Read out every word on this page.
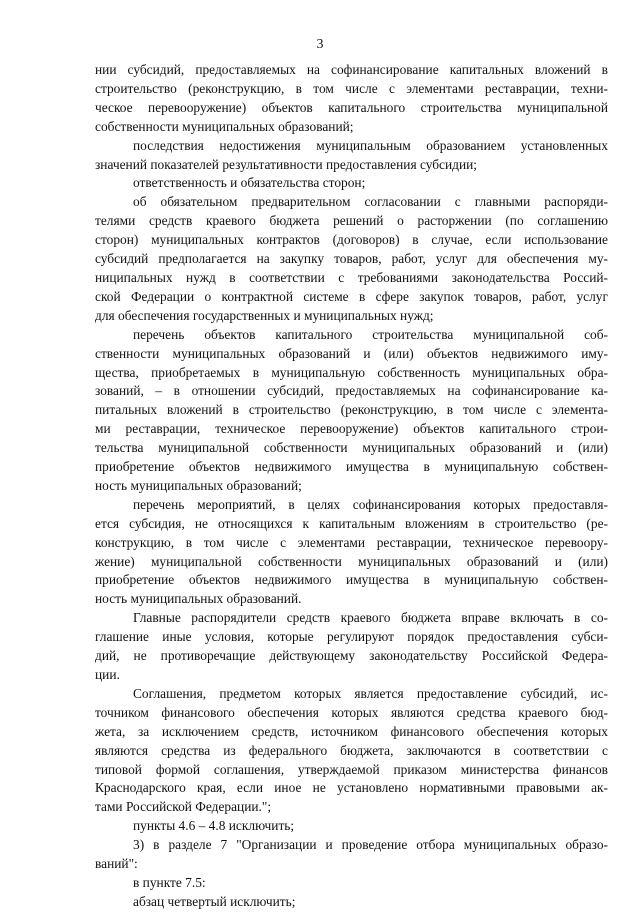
3
нии субсидий, предоставляемых на софинансирование капитальных вложений в
строительство (реконструкцию, в том числе с элементами реставрации, техни-
ческое перевооружение) объектов капитального строительства муниципальной
собственности муниципальных образований;
последствия недостижения муниципальным образованием установленных
значений показателей результативности предоставления субсидии;
ответственность и обязательства сторон;
об обязательном предварительном согласовании с главными распоряди-
телями средств краевого бюджета решений о расторжении (по соглашению
сторон) муниципальных контрактов (договоров) в случае, если использование
субсидий предполагается на закупку товаров, работ, услуг для обеспечения му-
ниципальных нужд в соответствии с требованиями законодательства Россий-
ской Федерации о контрактной системе в сфере закупок товаров, работ, услуг
для обеспечения государственных и муниципальных нужд;
перечень объектов капитального строительства муниципальной соб-
ственности муниципальных образований и (или) объектов недвижимого иму-
щества, приобретаемых в муниципальную собственность муниципальных обра-
зований, – в отношении субсидий, предоставляемых на софинансирование ка-
питальных вложений в строительство (реконструкцию, в том числе с элемента-
ми реставрации, техническое перевооружение) объектов капитального строи-
тельства муниципальной собственности муниципальных образований и (или)
приобретение объектов недвижимого имущества в муниципальную собствен-
ность муниципальных образований;
перечень мероприятий, в целях софинансирования которых предоставля-
ется субсидия, не относящихся к капитальным вложениям в строительство (ре-
конструкцию, в том числе с элементами реставрации, техническое перевоору-
жение) муниципальной собственности муниципальных образований и (или)
приобретение объектов недвижимого имущества в муниципальную собствен-
ность муниципальных образований.
Главные распорядители средств краевого бюджета вправе включать в со-
глашение иные условия, которые регулируют порядок предоставления субси-
дий, не противоречащие действующему законодательству Российской Федера-
ции.
Соглашения, предметом которых является предоставление субсидий, ис-
точником финансового обеспечения которых являются средства краевого бюд-
жета, за исключением средств, источником финансового обеспечения которых
являются средства из федерального бюджета, заключаются в соответствии с
типовой формой соглашения, утверждаемой приказом министерства финансов
Краснодарского края, если иное не установлено нормативными правовыми ак-
тами Российской Федерации.";
пункты 4.6 – 4.8 исключить;
3) в разделе 7 "Организации и проведение отбора муниципальных образо-
ваний":
в пункте 7.5:
абзац четвертый исключить;
